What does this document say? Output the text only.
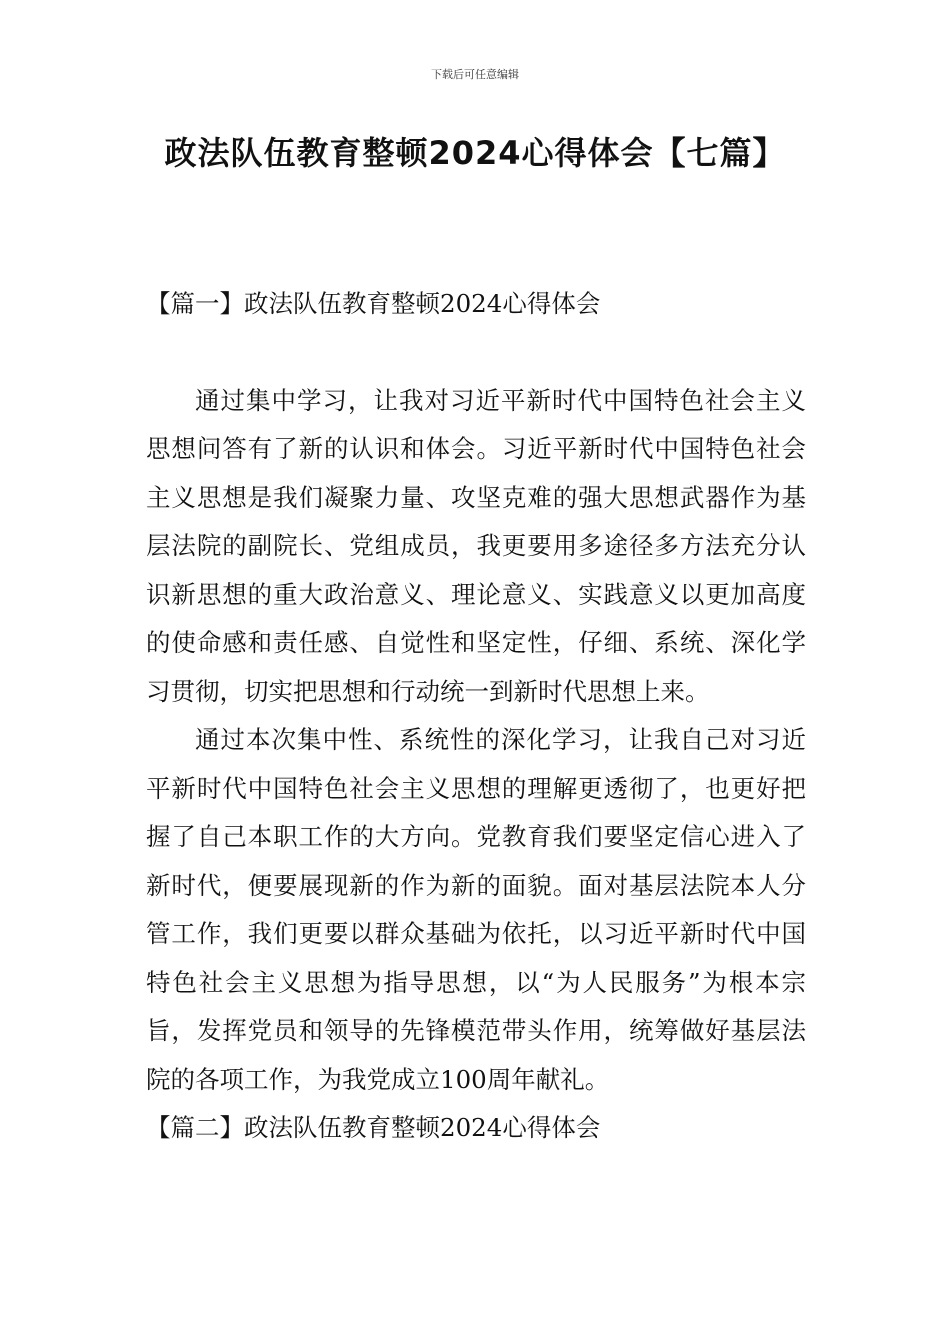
下载后可任意编辑
政法队伍教育整顿2024心得体会【七篇】
【篇一】政法队伍教育整顿2024心得体会

通过集中学习，让我对习近平新时代中国特色社会主义思想问答有了新的认识和体会。习近平新时代中国特色社会主义思想是我们凝聚力量、攻坚克难的强大思想武器作为基层法院的副院长、党组成员，我更要用多途径多方法充分认识新思想的重大政治意义、理论意义、实践意义以更加高度的使命感和责任感、自觉性和坚定性，仔细、系统、深化学习贯彻，切实把思想和行动统一到新时代思想上来。

通过本次集中性、系统性的深化学习，让我自己对习近平新时代中国特色社会主义思想的理解更透彻了，也更好把握了自己本职工作的大方向。党教育我们要坚定信心进入了新时代，便要展现新的作为新的面貌。面对基层法院本人分管工作，我们更要以群众基础为依托，以习近平新时代中国特色社会主义思想为指导思想，以“为人民服务”为根本宗旨，发挥党员和领导的先锋模范带头作用，统筹做好基层法院的各项工作，为我党成立100周年献礼。

【篇二】政法队伍教育整顿2024心得体会
